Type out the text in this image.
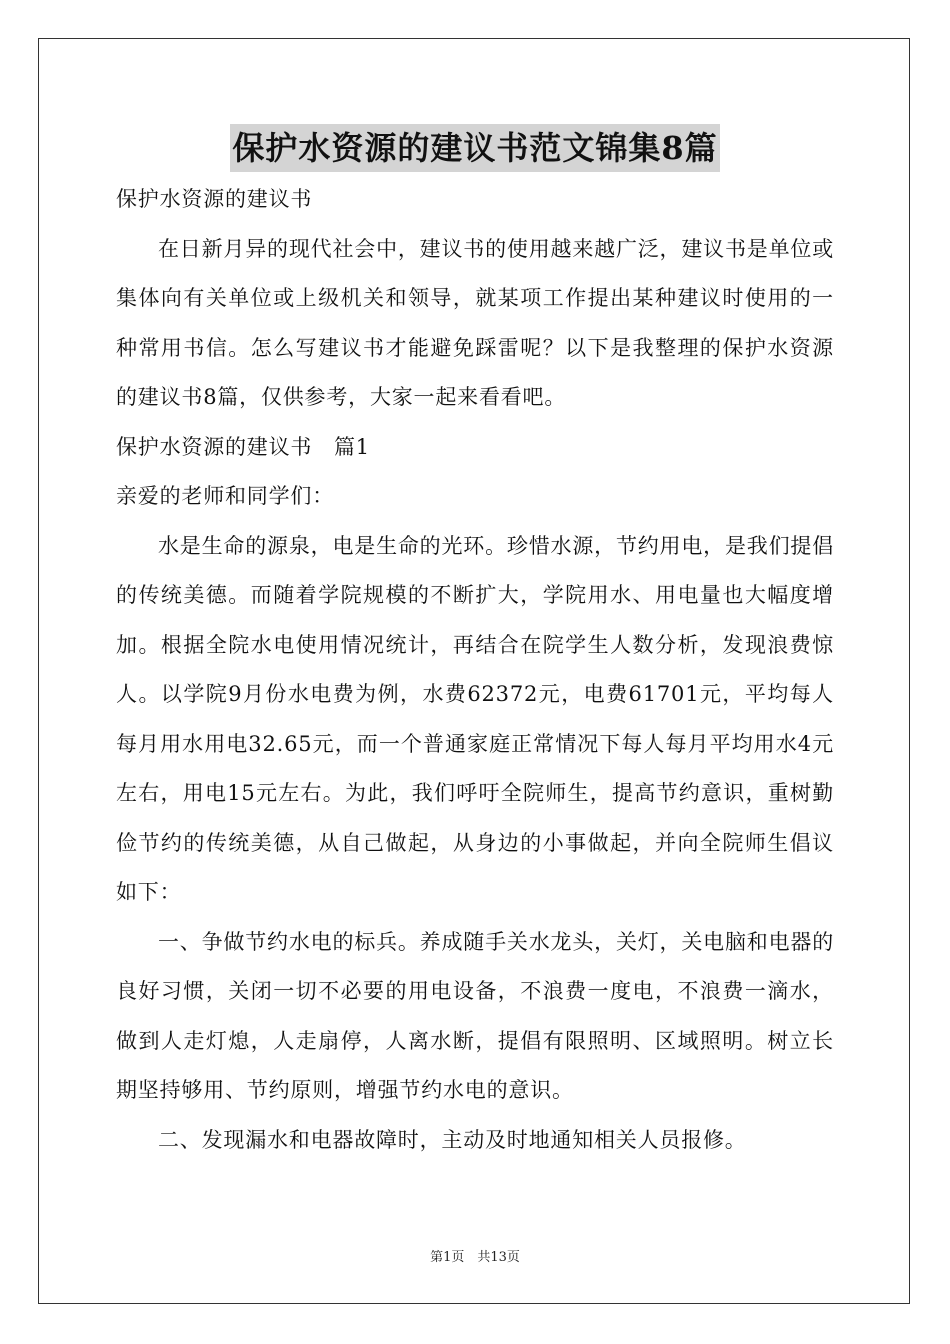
保护水资源的建议书范文锦集8篇

保护水资源的建议书

在日新月异的现代社会中，建议书的使用越来越广泛，建议书是单位或集体向有关单位或上级机关和领导，就某项工作提出某种建议时使用的一种常用书信。怎么写建议书才能避免踩雷呢？以下是我整理的保护水资源的建议书8篇，仅供参考，大家一起来看看吧。

保护水资源的建议书　篇1

亲爱的老师和同学们：

水是生命的源泉，电是生命的光环。珍惜水源，节约用电，是我们提倡的传统美德。而随着学院规模的不断扩大，学院用水、用电量也大幅度增加。根据全院水电使用情况统计，再结合在院学生人数分析，发现浪费惊人。以学院9月份水电费为例，水费62372元，电费61701元，平均每人每月用水用电32.65元，而一个普通家庭正常情况下每人每月平均用水4元左右，用电15元左右。为此，我们呼吁全院师生，提高节约意识，重树勤俭节约的传统美德，从自己做起，从身边的小事做起，并向全院师生倡议如下：

一、争做节约水电的标兵。养成随手关水龙头，关灯，关电脑和电器的良好习惯，关闭一切不必要的用电设备，不浪费一度电，不浪费一滴水，做到人走灯熄，人走扇停，人离水断，提倡有限照明、区域照明。树立长期坚持够用、节约原则，增强节约水电的意识。

二、发现漏水和电器故障时，主动及时地通知相关人员报修。

第1页　共13页
